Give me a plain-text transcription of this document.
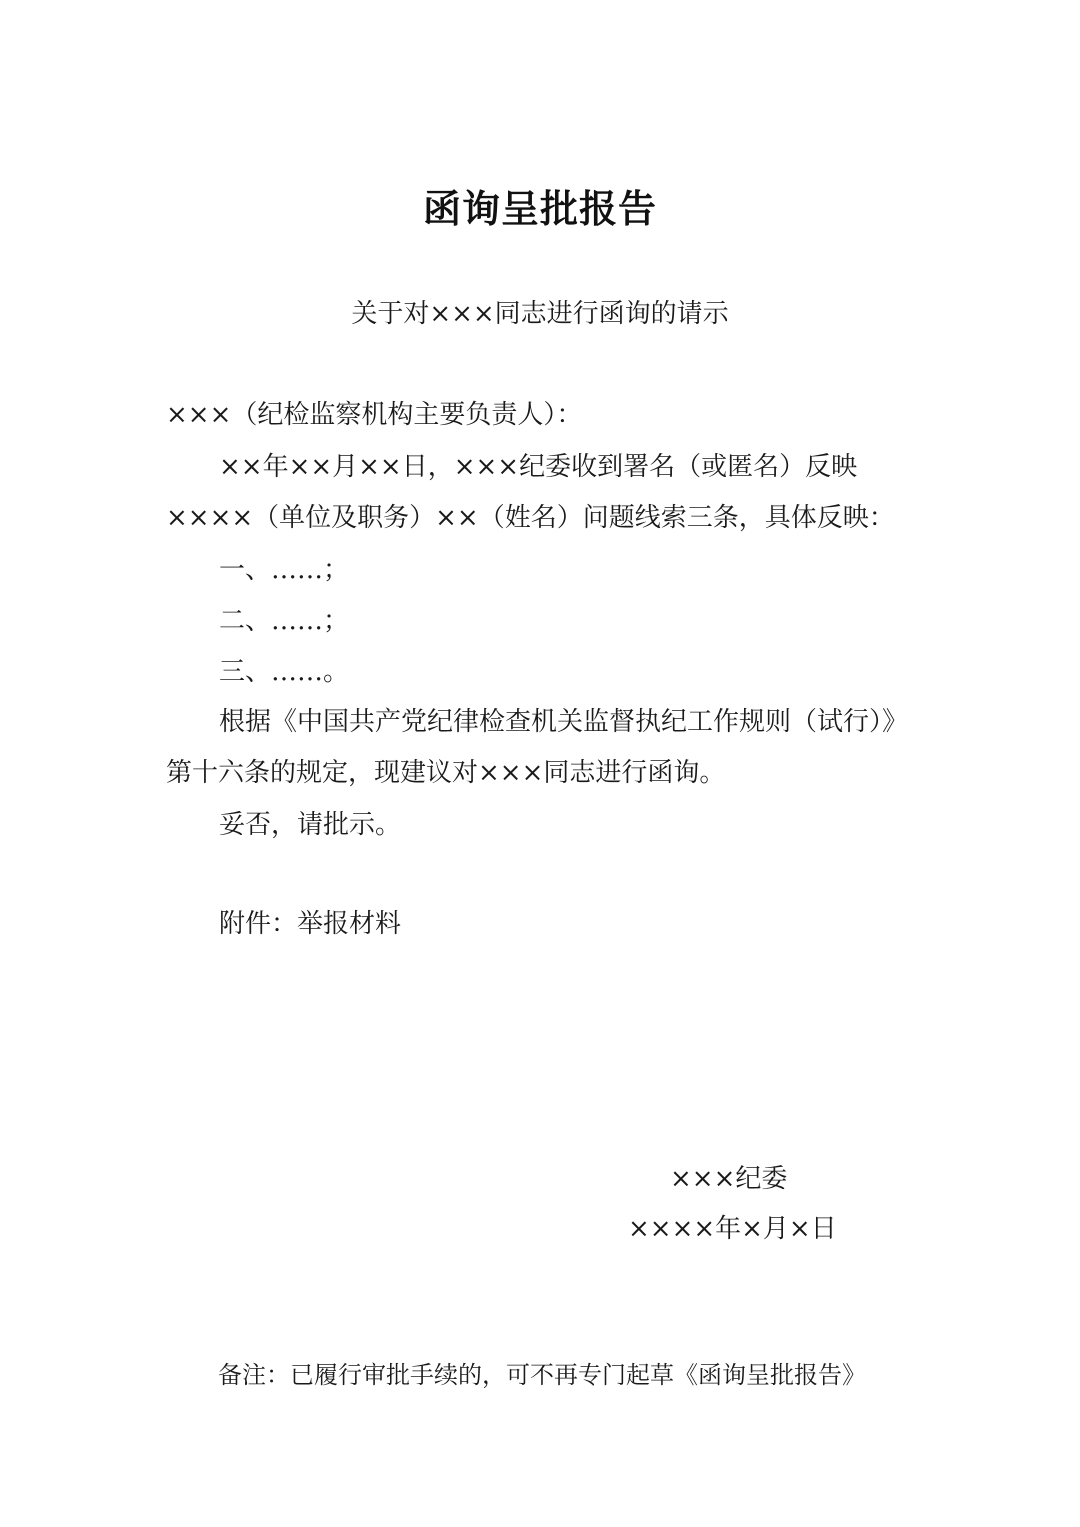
函询呈批报告

关于对×××同志进行函询的请示

×××（纪检监察机构主要负责人）：

××年××月××日，×××纪委收到署名（或匿名）反映

××××（单位及职务）××（姓名）问题线索三条，具体反映：

一、……；

二、……；

三、……。

根据《中国共产党纪律检查机关监督执纪工作规则（试行）》

第十六条的规定，现建议对×××同志进行函询。

妥否，请批示。

附件：举报材料

×××纪委

××××年×月×日

备注：已履行审批手续的，可不再专门起草《函询呈批报告》
